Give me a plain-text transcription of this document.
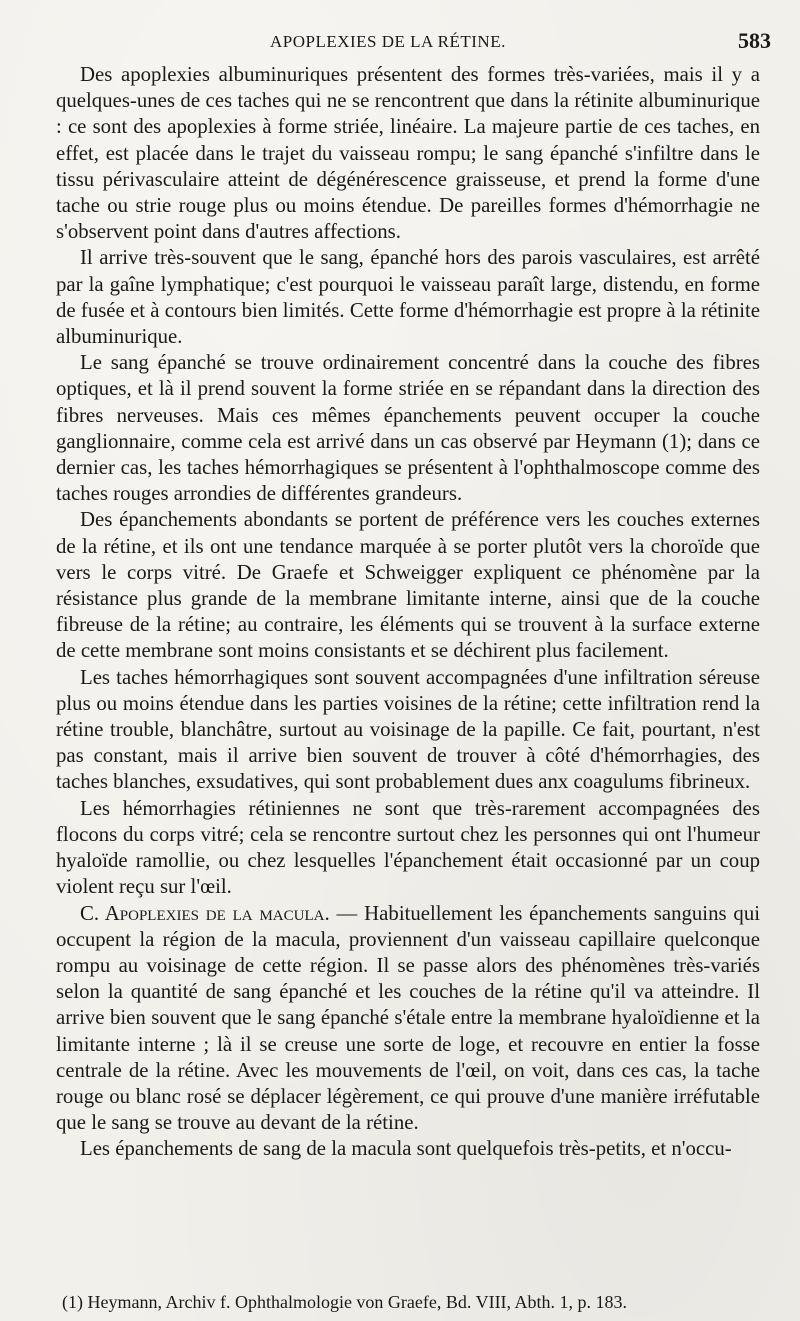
APOPLEXIES DE LA RÉTINE.	583

Des apoplexies albuminuriques présentent des formes très-variées, mais il y a quelques-unes de ces taches qui ne se rencontrent que dans la rétinite albuminurique : ce sont des apoplexies à forme striée, linéaire. La majeure partie de ces taches, en effet, est placée dans le trajet du vaisseau rompu; le sang épanché s'infiltre dans le tissu périvasculaire atteint de dégénérescence graisseuse, et prend la forme d'une tache ou strie rouge plus ou moins étendue. De pareilles formes d'hémorrhagie ne s'observent point dans d'autres affections.

Il arrive très-souvent que le sang, épanché hors des parois vasculaires, est arrêté par la gaîne lymphatique; c'est pourquoi le vaisseau paraît large, distendu, en forme de fusée et à contours bien limités. Cette forme d'hémorrhagie est propre à la rétinite albuminurique.

Le sang épanché se trouve ordinairement concentré dans la couche des fibres optiques, et là il prend souvent la forme striée en se répandant dans la direction des fibres nerveuses. Mais ces mêmes épanchements peuvent occuper la couche ganglionnaire, comme cela est arrivé dans un cas observé par Heymann (1); dans ce dernier cas, les taches hémorrhagiques se présentent à l'ophthalmoscope comme des taches rouges arrondies de différentes grandeurs.

Des épanchements abondants se portent de préférence vers les couches externes de la rétine, et ils ont une tendance marquée à se porter plutôt vers la choroïde que vers le corps vitré. De Graefe et Schweigger expliquent ce phénomène par la résistance plus grande de la membrane limitante interne, ainsi que de la couche fibreuse de la rétine; au contraire, les éléments qui se trouvent à la surface externe de cette membrane sont moins consistants et se déchirent plus facilement.

Les taches hémorrhagiques sont souvent accompagnées d'une infiltration séreuse plus ou moins étendue dans les parties voisines de la rétine; cette infiltration rend la rétine trouble, blanchâtre, surtout au voisinage de la papille. Ce fait, pourtant, n'est pas constant, mais il arrive bien souvent de trouver à côté d'hémorrhagies, des taches blanches, exsudatives, qui sont probablement dues anx coagulums fibrineux.

Les hémorrhagies rétiniennes ne sont que très-rarement accompagnées des flocons du corps vitré; cela se rencontre surtout chez les personnes qui ont l'humeur hyaloïde ramollie, ou chez lesquelles l'épanchement était occasionné par un coup violent reçu sur l'œil.

C. Apoplexies de la macula. — Habituellement les épanchements sanguins qui occupent la région de la macula, proviennent d'un vaisseau capillaire quelconque rompu au voisinage de cette région. Il se passe alors des phénomènes très-variés selon la quantité de sang épanché et les couches de la rétine qu'il va atteindre. Il arrive bien souvent que le sang épanché s'étale entre la membrane hyaloïdienne et la limitante interne ; là il se creuse une sorte de loge, et recouvre en entier la fosse centrale de la rétine. Avec les mouvements de l'œil, on voit, dans ces cas, la tache rouge ou blanc rosé se déplacer légèrement, ce qui prouve d'une manière irréfutable que le sang se trouve au devant de la rétine.

Les épanchements de sang de la macula sont quelquefois très-petits, et n'occu-

(1) Heymann, Archiv f. Ophthalmologie von Graefe, Bd. VIII, Abth. 1, p. 183.
